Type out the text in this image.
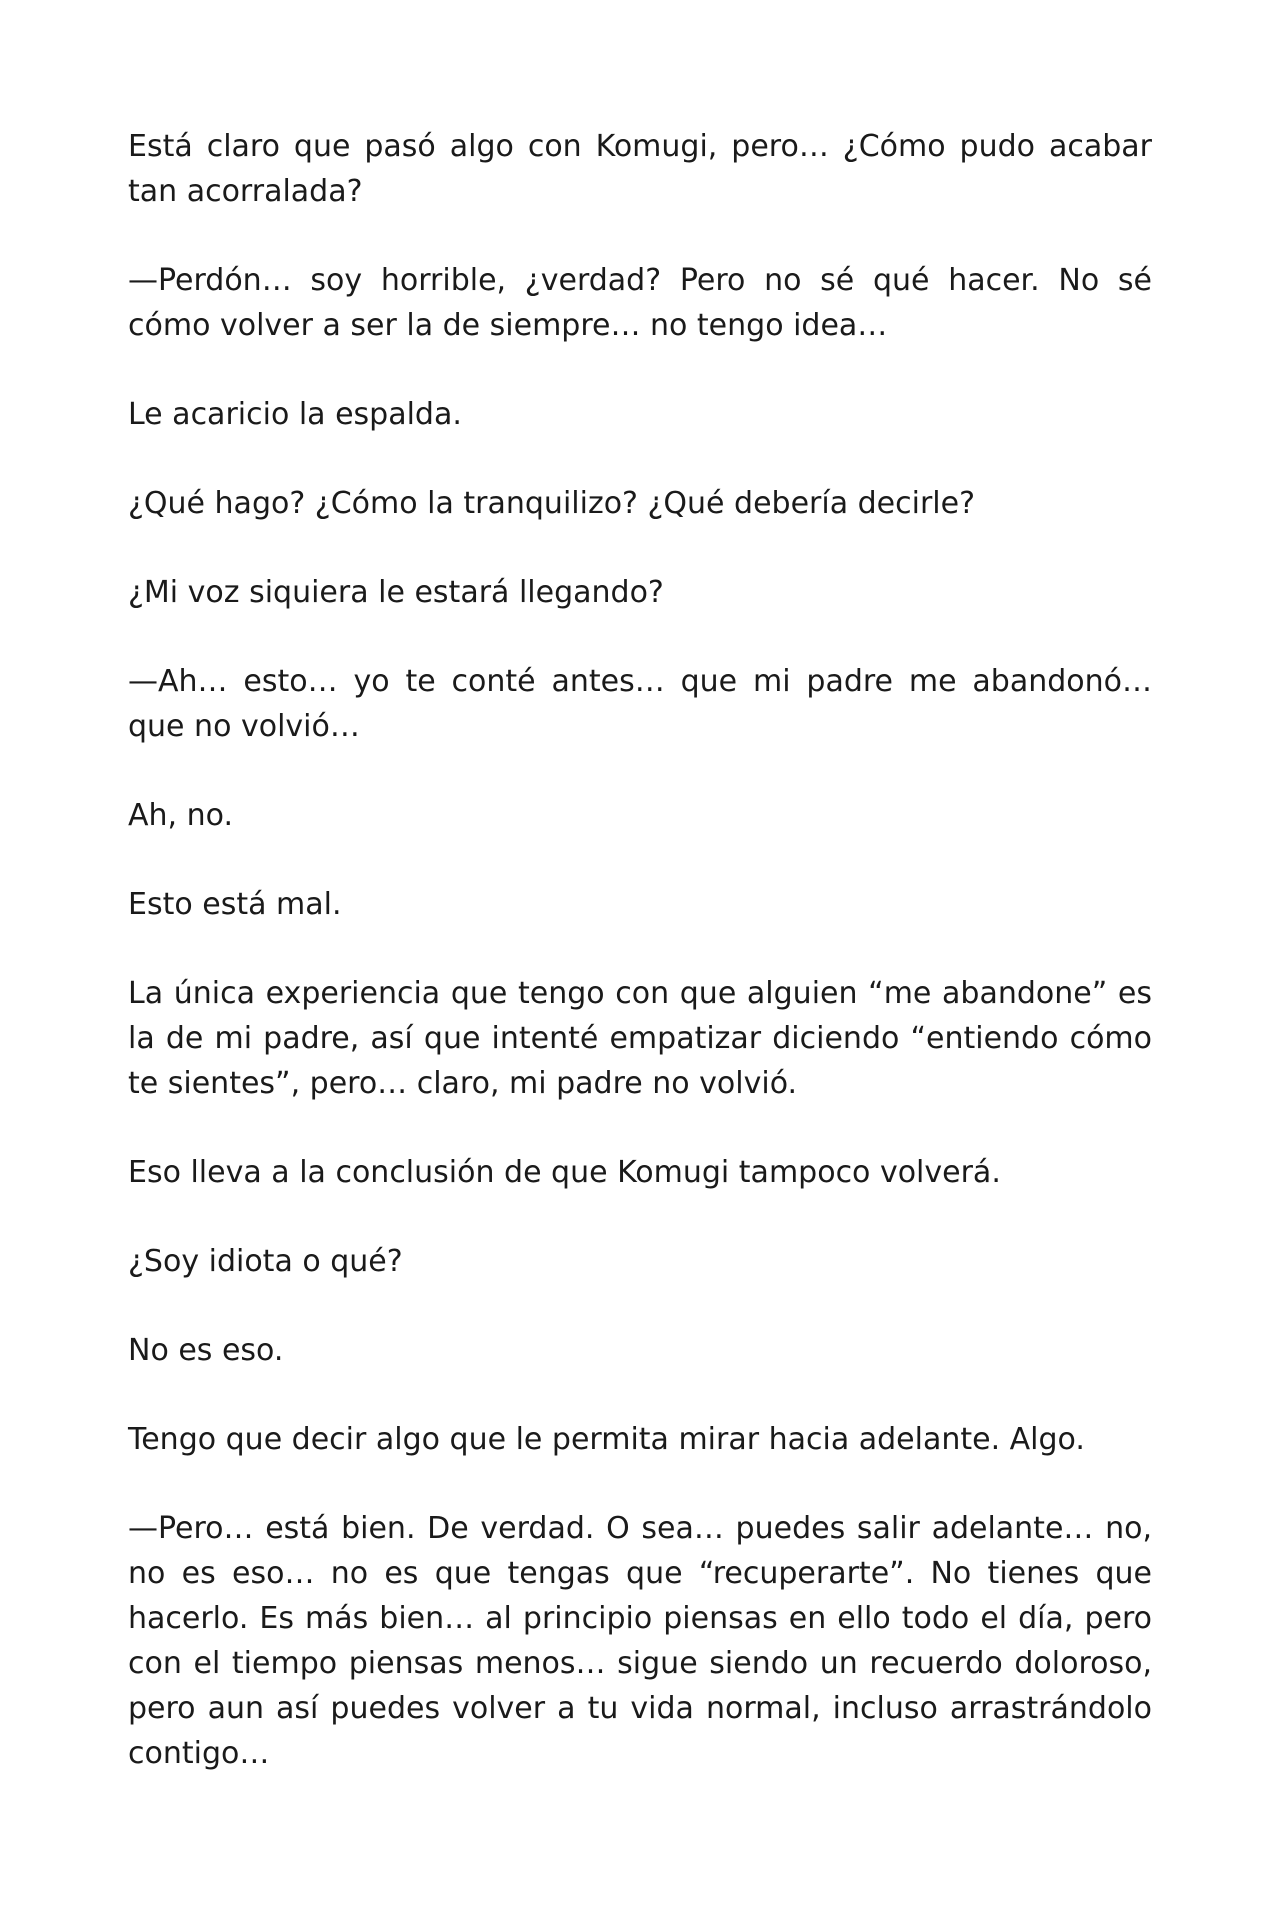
Está claro que pasó algo con Komugi, pero… ¿Cómo pudo acabar tan acorralada?

—Perdón… soy horrible, ¿verdad? Pero no sé qué hacer. No sé cómo volver a ser la de siempre… no tengo idea…

Le acaricio la espalda.

¿Qué hago? ¿Cómo la tranquilizo? ¿Qué debería decirle?

¿Mi voz siquiera le estará llegando?

—Ah… esto… yo te conté antes… que mi padre me abandonó… que no volvió…

Ah, no.

Esto está mal.

La única experiencia que tengo con que alguien “me abandone” es la de mi padre, así que intenté empatizar diciendo “entiendo cómo te sientes”, pero… claro, mi padre no volvió.

Eso lleva a la conclusión de que Komugi tampoco volverá.

¿Soy idiota o qué?

No es eso.

Tengo que decir algo que le permita mirar hacia adelante. Algo.

—Pero… está bien. De verdad. O sea… puedes salir adelante… no, no es eso… no es que tengas que “recuperarte”. No tienes que hacerlo. Es más bien… al principio piensas en ello todo el día, pero con el tiempo piensas menos… sigue siendo un recuerdo doloroso, pero aun así puedes volver a tu vida normal, incluso arrastrándolo contigo…
